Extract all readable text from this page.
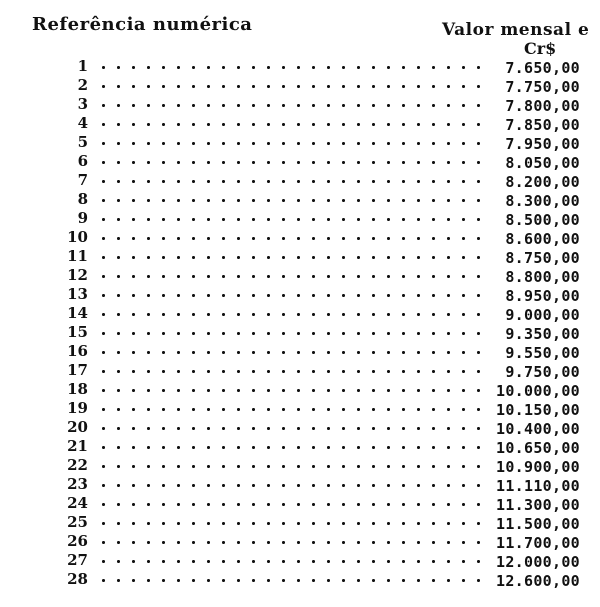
Referência numérica	Valor mensal e
Cr$
1	7.650,00
2	7.750,00
3	7.800,00
4	7.850,00
5	7.950,00
6	8.050,00
7	8.200,00
8	8.300,00
9	8.500,00
10	8.600,00
11	8.750,00
12	8.800,00
13	8.950,00
14	9.000,00
15	9.350,00
16	9.550,00
17	9.750,00
18	10.000,00
19	10.150,00
20	10.400,00
21	10.650,00
22	10.900,00
23	11.110,00
24	11.300,00
25	11.500,00
26	11.700,00
27	12.000,00
28	12.600,00
